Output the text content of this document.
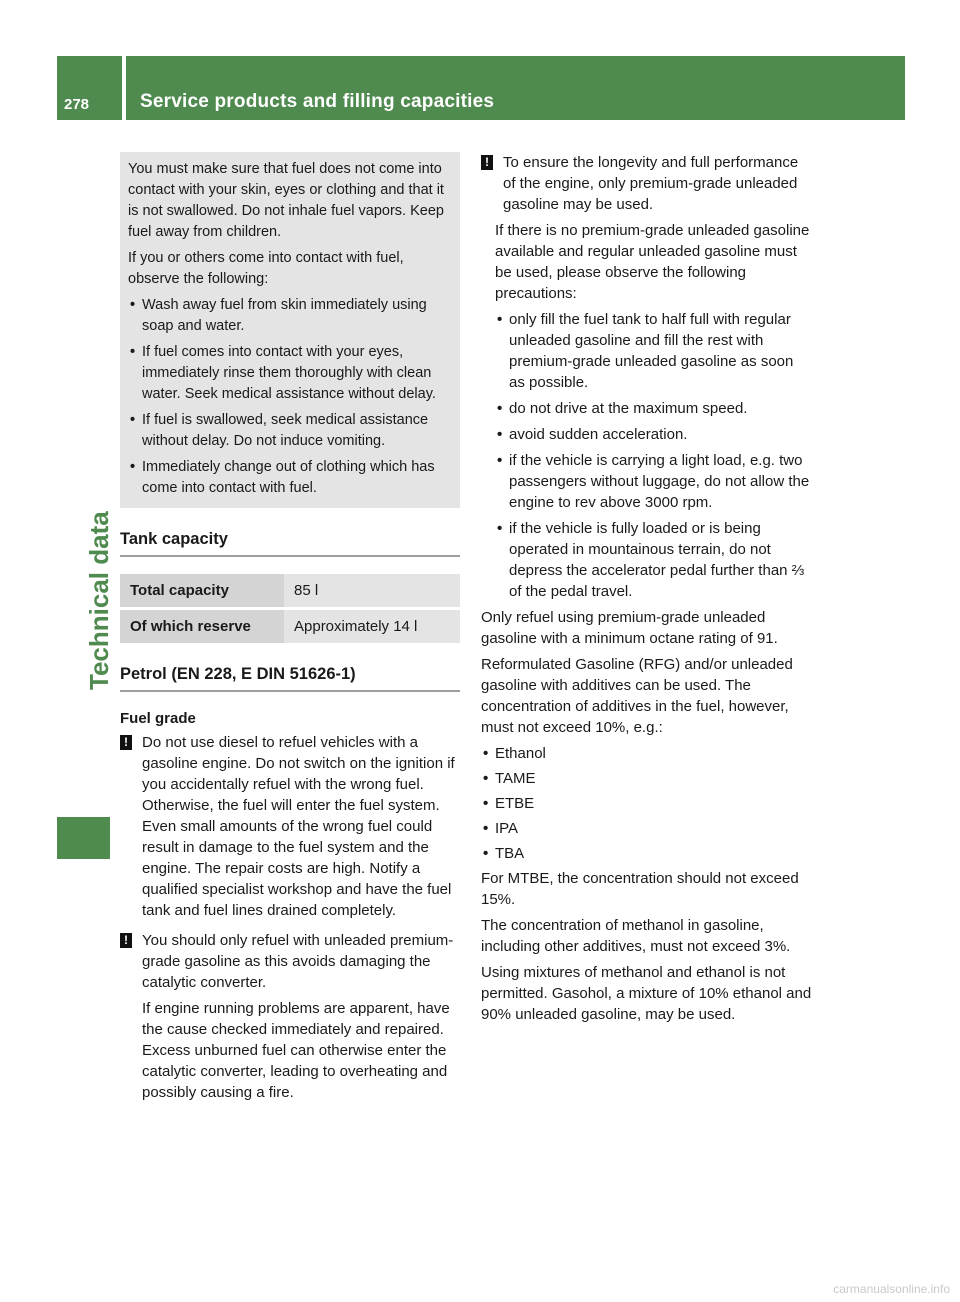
278	Service products and filling capacities
Technical data

You must make sure that fuel does not come into contact with your skin, eyes or clothing and that it is not swallowed. Do not inhale fuel vapors. Keep fuel away from children.

If you or others come into contact with fuel, observe the following:

• Wash away fuel from skin immediately using soap and water.
• If fuel comes into contact with your eyes, immediately rinse them thoroughly with clean water. Seek medical assistance without delay.
• If fuel is swallowed, seek medical assistance without delay. Do not induce vomiting.
• Immediately change out of clothing which has come into contact with fuel.
Tank capacity
Total capacity	85 l
Of which reserve	Approximately 14 l
Petrol (EN 228, E DIN 51626-1)
Fuel grade
! Do not use diesel to refuel vehicles with a gasoline engine. Do not switch on the ignition if you accidentally refuel with the wrong fuel. Otherwise, the fuel will enter the fuel system. Even small amounts of the wrong fuel could result in damage to the fuel system and the engine. The repair costs are high. Notify a qualified specialist workshop and have the fuel tank and fuel lines drained completely.
! You should only refuel with unleaded premium-grade gasoline as this avoids damaging the catalytic converter.

If engine running problems are apparent, have the cause checked immediately and repaired. Excess unburned fuel can otherwise enter the catalytic converter, leading to overheating and possibly causing a fire.

! To ensure the longevity and full performance of the engine, only premium-grade unleaded gasoline may be used.

If there is no premium-grade unleaded gasoline available and regular unleaded gasoline must be used, please observe the following precautions:

• only fill the fuel tank to half full with regular unleaded gasoline and fill the rest with premium-grade unleaded gasoline as soon as possible.
• do not drive at the maximum speed.
• avoid sudden acceleration.
• if the vehicle is carrying a light load, e.g. two passengers without luggage, do not allow the engine to rev above 3000 rpm.
• if the vehicle is fully loaded or is being operated in mountainous terrain, do not depress the accelerator pedal further than ⅔ of the pedal travel.

Only refuel using premium-grade unleaded gasoline with a minimum octane rating of 91.

Reformulated Gasoline (RFG) and/or unleaded gasoline with additives can be used. The concentration of additives in the fuel, however, must not exceed 10%, e.g.:

• Ethanol
• TAME
• ETBE
• IPA
• TBA

For MTBE, the concentration should not exceed 15%.

The concentration of methanol in gasoline, including other additives, must not exceed 3%.

Using mixtures of methanol and ethanol is not permitted. Gasohol, a mixture of 10% ethanol and 90% unleaded gasoline, may be used.

carmanualsonline.info
